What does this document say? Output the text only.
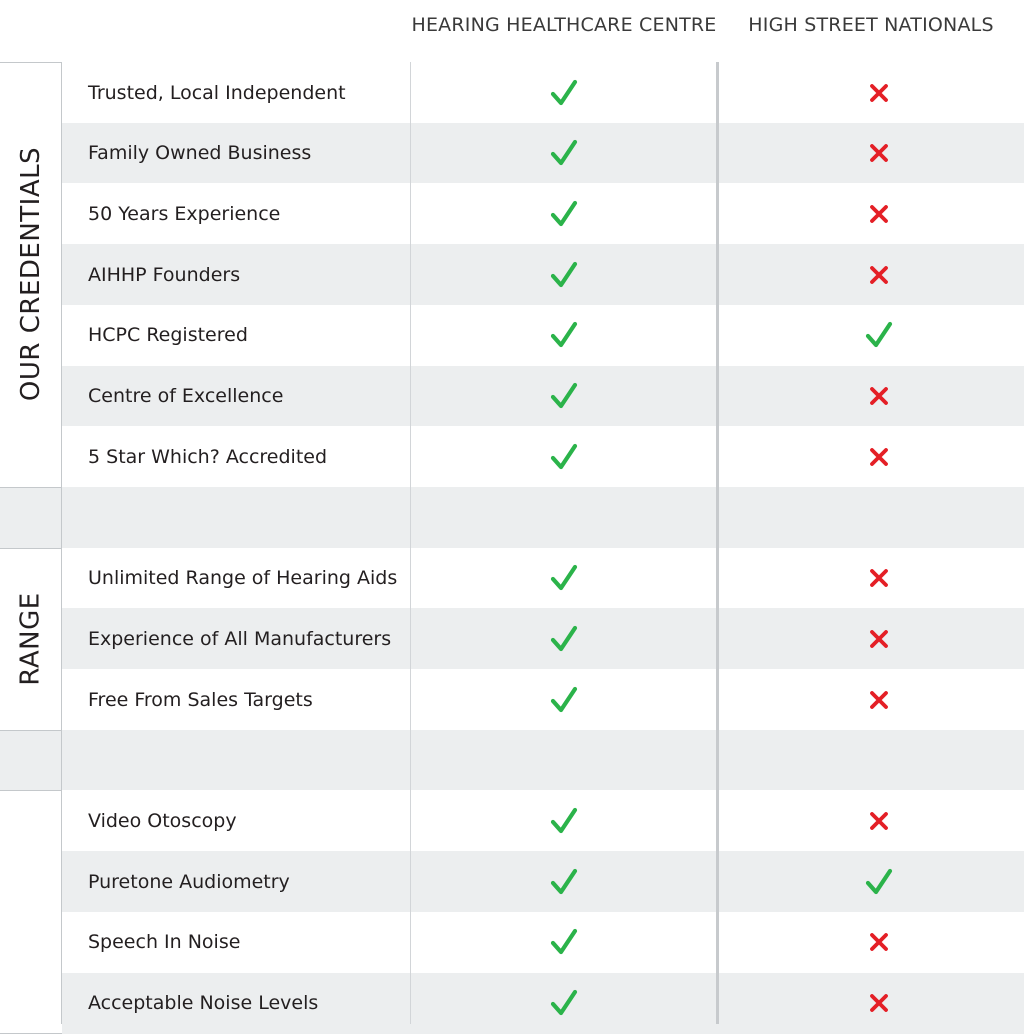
HEARING HEALTHCARE CENTRE	HIGH STREET NATIONALS
Trusted, Local Independent
Family Owned Business
50 Years Experience
AIHHP Founders
HCPC Registered
Centre of Excellence
5 Star Which? Accredited
Unlimited Range of Hearing Aids
Experience of All Manufacturers
Free From Sales Targets
Video Otoscopy
Puretone Audiometry
Speech In Noise
Acceptable Noise Levels
OUR CREDENTIALS
RANGE
